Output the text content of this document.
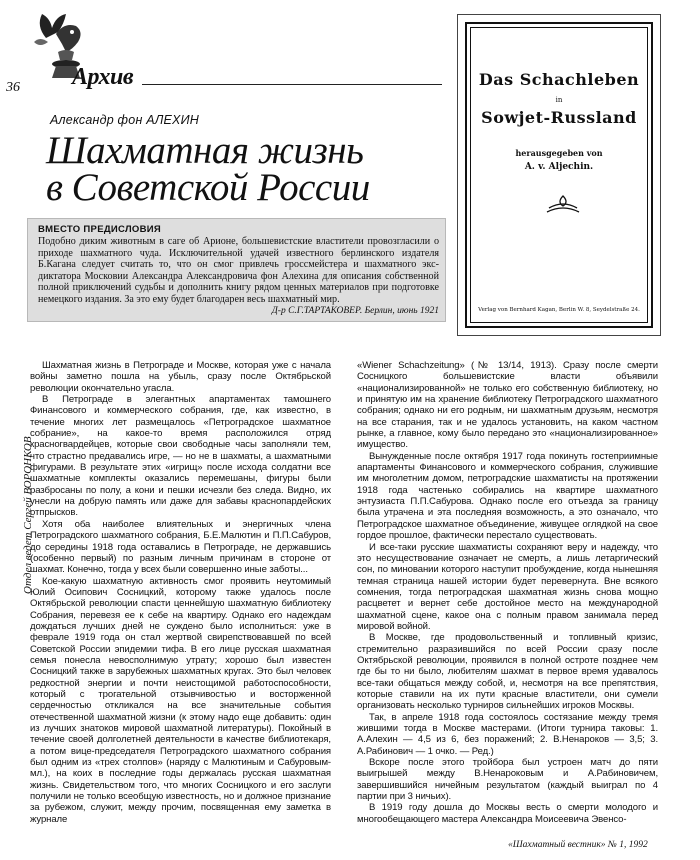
36 Архив
Александр фон АЛЕХИН
Шахматная жизнь
в Советской России
ВМЕСТО ПРЕДИСЛОВИЯ

Подобно диким животным в саге об Арионе, большевистские властители провозгласили о приходе шахматного чуда. Исключительной удачей известного берлинского издателя Б.Кагана следует считать то, что он смог привлечь гроссмейстера и шахматного экс-диктатора Московии Александра Александровича фон Алехина для описания собственной полной приключений судьбы и дополнить книгу рядом ценных материалов при подготовке немецкого издания. За это ему будет благодарен весь шахматный мир.

Д-р С.Г.ТАРТАКОВЕР. Берлин, июнь 1921
Das Schachleben
in
Sowjet-Russland
herausgegeben von
A. v. Aljechin.
Verlag von Bernhard Kagan, Berlin W. 8, Seydelstraße 24.
Отдел ведет Сергей ВОРОНКОВ

Шахматная жизнь в Петрограде и Москве, которая уже с начала войны заметно пошла на убыль, сразу после Октябрьской революции окончательно угасла.

В Петрограде в элегантных апартаментах тамошнего Финансового и коммерческого собрания, где, как известно, в течение многих лет размещалось «Петроградское шахматное собрание», на какое-то время расположился отряд красногвардейцев, которые свои свободные часы заполняли тем, что страстно предавались игре, — но не в шахматы, а шахматными фигурами. В результате этих «игрищ» после исхода солдатни все шахматные комплекты оказались перемешаны, фигуры были разбросаны по полу, а кони и пешки исчезли без следа. Видно, их унесли на добрую память или даже для забавы краснопардейских отпрысков.

Хотя оба наиболее влиятельных и энергичных члена Петроградского шахматного собрания, Б.Е.Малютин и П.П.Сабуров, до середины 1918 года оставались в Петрограде, не державшись (особенно первый) по разным личным причинам в стороне от шахмат. Конечно, тогда у всех были совершенно иные заботы...

Кое-какую шахматную активность смог проявить неутомимый Юлий Осипович Сосницкий, которому также удалось после Октябрьской революции спасти ценнейшую шахматную библиотеку Собрания, перевезя ее к себе на квартиру. Однако его надеждам дождаться лучших дней не суждено было исполниться: уже в феврале 1919 года он стал жертвой свирепствовавшей по всей Советской России эпидемии тифа. В его лице русская шахматная семья понесла невосполнимую утрату; хорошо был известен Сосницкий также в зарубежных шахматных кругах. Это был человек редкостной энергии и почти неистощимой работоспособности, который с трогательной отзывчивостью и восторженной сердечностью откликался на все значительные события отечественной шахматной жизни (к этому надо еще добавить: один из лучших знатоков мировой шахматной литературы). Покойный в течение своей долголетней деятельности в качестве библиотекаря, а потом вице-председателя Петроградского шахматного собрания был одним из «трех столпов» (наряду с Малютиным и Сабуровым-мл.), на коих в последние годы держалась русская шахматная жизнь. Свидетельством того, что многих Сосницкого и его заслуги получили не только всеобщую известность, но и должное признание за рубежом, служит, между прочим, посвященная ему заметка в журнале

«Wiener Schachzeitung» (№ 13/14, 1913). Сразу после смерти Сосницкого большевистские власти объявили «национализированной» не только его собственную библиотеку, но и принятую им на хранение библиотеку Петроградского шахматного собрания; однако ни его родным, ни шахматным друзьям, несмотря на все старания, так и не удалось установить, на каком частном рынке, а главное, кому было передано это «национализированное» имущество.

Вынужденные после октября 1917 года покинуть гостеприимные апартаменты Финансового и коммерческого собрания, служившие им многолетним домом, петроградские шахматисты на протяжении 1918 года частенько собирались на квартире шахматного энтузиаста П.П.Сабурова. Однако после его отъезда за границу была утрачена и эта последняя возможность, а это означало, что Петроградское шахматное объединение, живущее оглядкой на свое гордое прошлое, фактически перестало существовать.

И все-таки русские шахматисты сохраняют веру и надежду, что это несуществование означает не смерть, а лишь летаргический сон, по миновании которого наступит пробуждение, когда нынешняя темная страница нашей истории будет перевернута. Вне всякого сомнения, тогда петроградская шахматная жизнь снова мощно расцветет и вернет себе достойное место на международной шахматной сцене, какое она с полным правом занимала перед мировой войной.

В Москве, где продовольственный и топливный кризис, стремительно разразившийся по всей России сразу после Октябрьской революции, проявился в полной остроте позднее чем где бы то ни было, любителям шахмат в первое время удавалось все-таки общаться между собой, и, несмотря на все препятствия, которые ставили на их пути красные властители, они сумели организовать несколько турниров сильнейших игроков Москвы.

Так, в апреле 1918 года состоялось состязание между тремя жившими тогда в Москве мастерами. (Итоги турнира таковы: 1. А.Алехин — 4,5 из 6, без поражений; 2. В.Ненароков — 3,5; 3. А.Рабинович — 1 очко. — Ред.)

Вскоре после этого тройбора был устроен матч до пяти выигрышей между В.Ненароковым и А.Рабиновичем, завершившийся ничейным результатом (каждый выиграл по 4 партии при 3 ничьих).

В 1919 году дошла до Москвы весть о смерти молодого и многообещающего мастера Александра Моисеевича Эвенсо-

«Шахматный вестник» № 1, 1992
